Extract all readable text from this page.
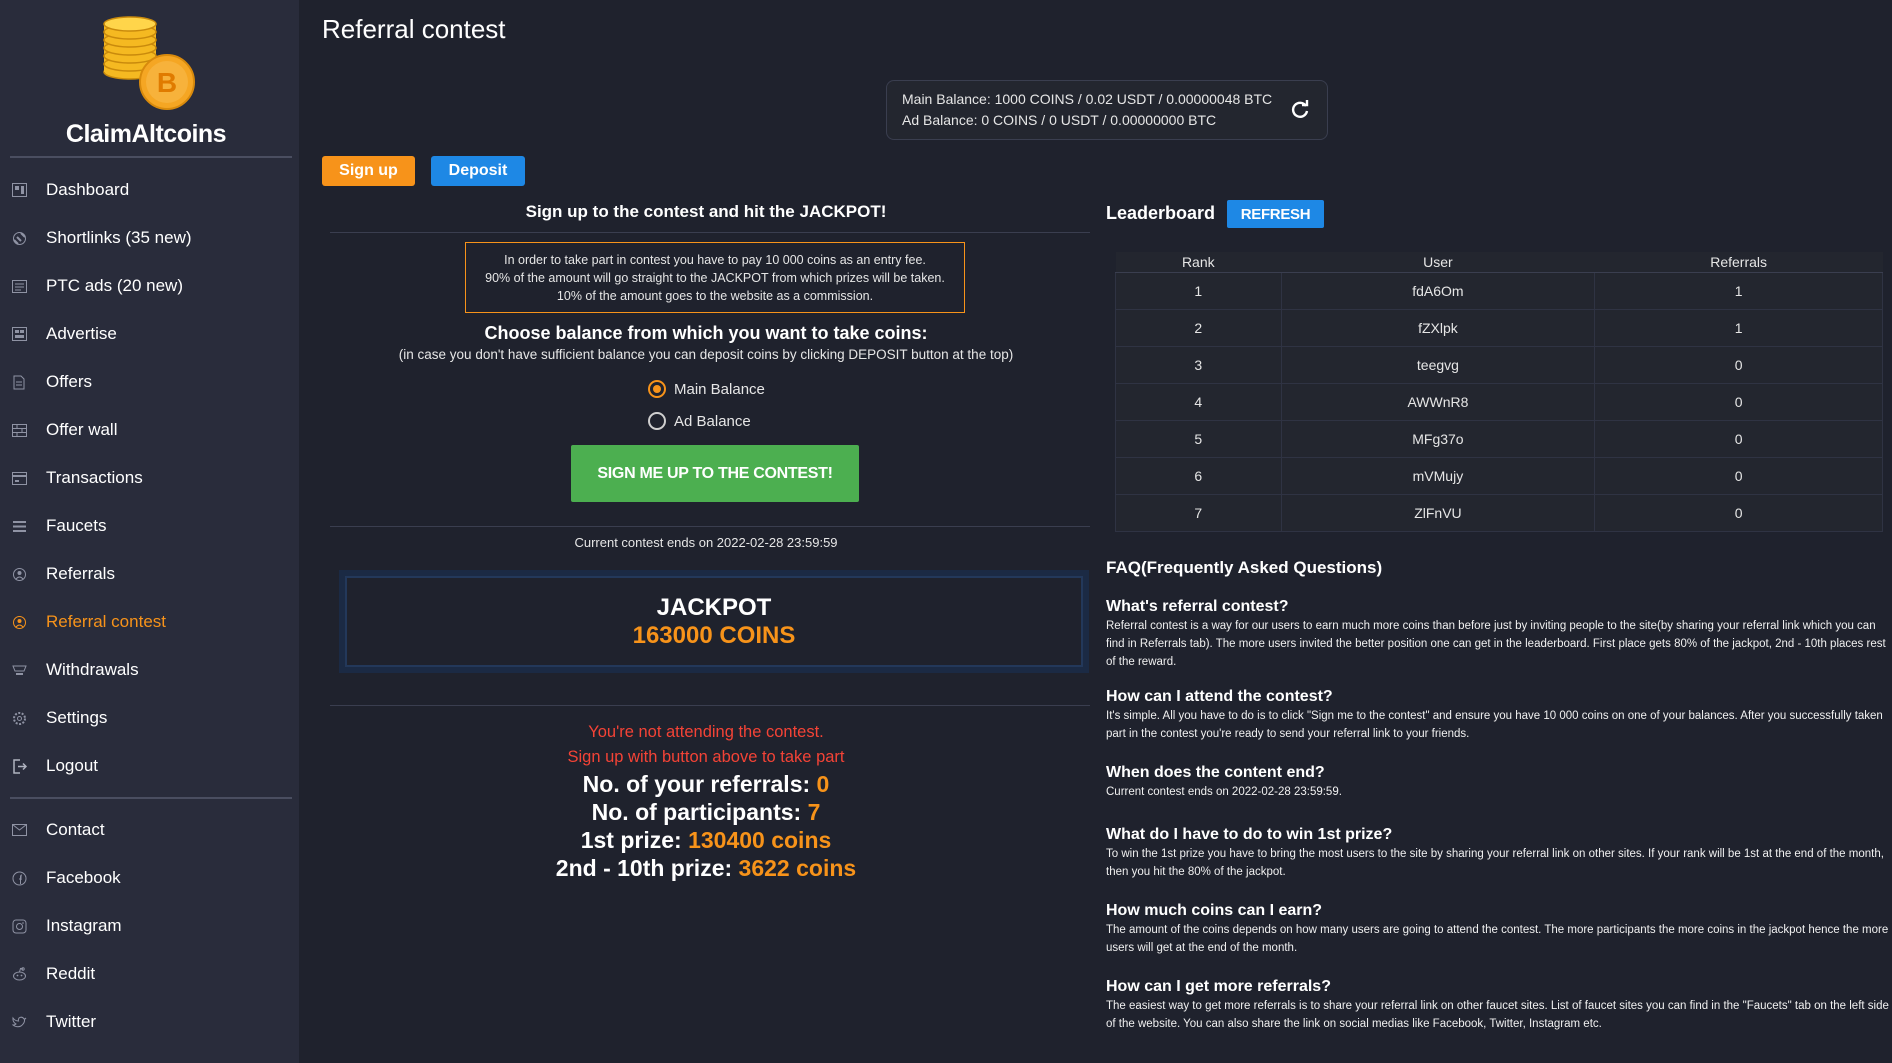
B
ClaimAltcoins
Dashboard
Shortlinks (35 new)
PTC ads (20 new)
Advertise
Offers
Offer wall
Transactions
Faucets
Referrals
Referral contest
Withdrawals
Settings
Logout
Contact
Facebook
Instagram
Reddit
Twitter
Referral contest
Main Balance: 1000 COINS / 0.02 USDT / 0.00000048 BTC
Ad Balance: 0 COINS / 0 USDT / 0.00000000 BTC
Sign up	Deposit
Sign up to the contest and hit the JACKPOT!
In order to take part in contest you have to pay 10 000 coins as an entry fee.
90% of the amount will go straight to the JACKPOT from which prizes will be taken.
10% of the amount goes to the website as a commission.
Choose balance from which you want to take coins:
(in case you don't have sufficient balance you can deposit coins by clicking DEPOSIT button at the top)
Main Balance
Ad Balance
SIGN ME UP TO THE CONTEST!
Current contest ends on 2022-02-28 23:59:59
JACKPOT
163000 COINS
You're not attending the contest.
Sign up with button above to take part
No. of your referrals: 0
No. of participants: 7
1st prize: 130400 coins
2nd - 10th prize: 3622 coins
Leaderboard	REFRESH
Rank	User	Referrals
1	fdA6Om	1
2	fZXlpk	1
3	teegvg	0
4	AWWnR8	0
5	MFg37o	0
6	mVMujy	0
7	ZlFnVU	0
FAQ(Frequently Asked Questions)
What's referral contest?
Referral contest is a way for our users to earn much more coins than before just by inviting people to the site(by sharing your referral link which you can find in Referrals tab). The more users invited the better position one can get in the leaderboard. First place gets 80% of the jackpot, 2nd - 10th places rest of the reward.
How can I attend the contest?
It's simple. All you have to do is to click "Sign me to the contest" and ensure you have 10 000 coins on one of your balances. After you successfully taken part in the contest you're ready to send your referral link to your friends.
When does the content end?
Current contest ends on 2022-02-28 23:59:59.
What do I have to do to win 1st prize?
To win the 1st prize you have to bring the most users to the site by sharing your referral link on other sites. If your rank will be 1st at the end of the month, then you hit the 80% of the jackpot.
How much coins can I earn?
The amount of the coins depends on how many users are going to attend the contest. The more participants the more coins in the jackpot hence the more users will get at the end of the month.
How can I get more referrals?
The easiest way to get more referrals is to share your referral link on other faucet sites. List of faucet sites you can find in the "Faucets" tab on the left side of the website. You can also share the link on social medias like Facebook, Twitter, Instagram etc.
